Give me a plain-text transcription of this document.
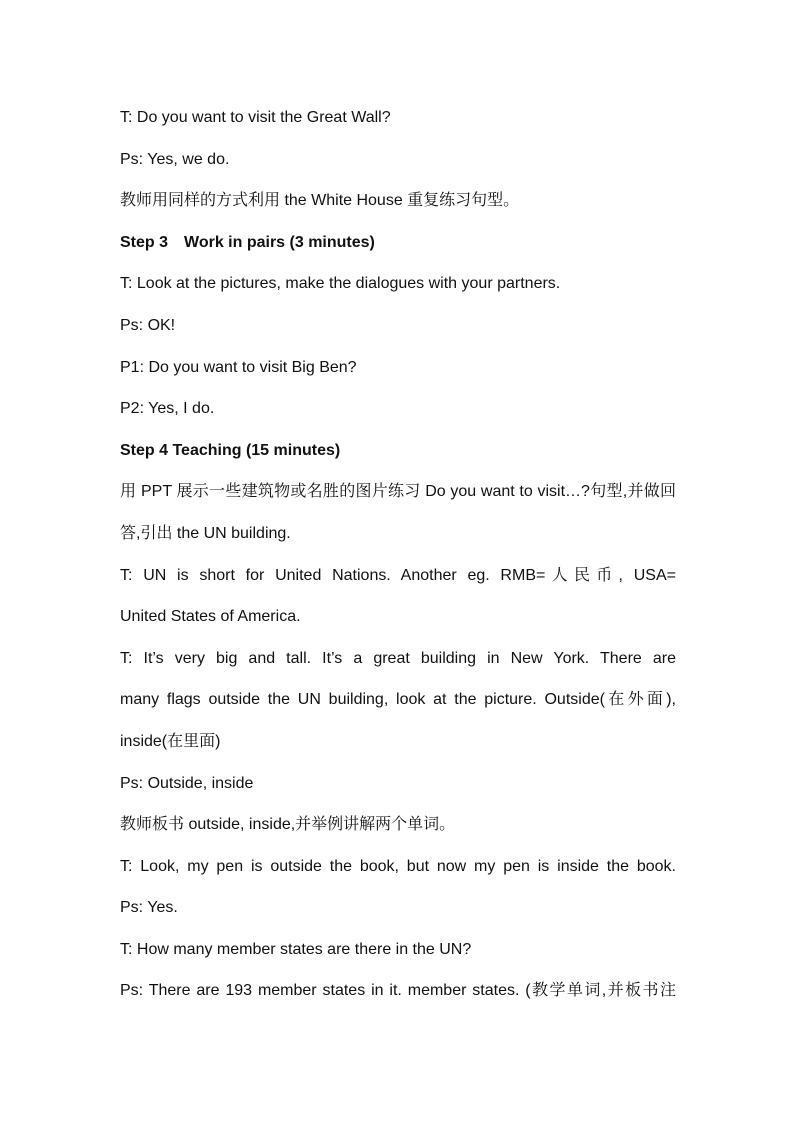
T: Do you want to visit the Great Wall?

Ps: Yes, we do.

教师用同样的方式利用 the White House 重复练习句型。

Step 3　Work in pairs (3 minutes)

T: Look at the pictures, make the dialogues with your partners.

Ps: OK!

P1: Do you want to visit Big Ben?

P2: Yes, I do.

Step 4 Teaching (15 minutes)

用 PPT 展示一些建筑物或名胜的图片练习 Do you want to visit…?句型,并做回

答,引出 the UN building.

T: UN is short for United Nations. Another eg. RMB=人民币, USA=

United States of America.

T: It’s very big and tall. It’s a great building in New York. There are

many flags outside the UN building, look at the picture. Outside(在外面),

inside(在里面)

Ps: Outside, inside

教师板书 outside, inside,并举例讲解两个单词。

T: Look, my pen is outside the book, but now my pen is inside the book.

Ps: Yes.

T: How many member states are there in the UN?

Ps: There are 193 member states in it. member states. (教学单词,并板书注
